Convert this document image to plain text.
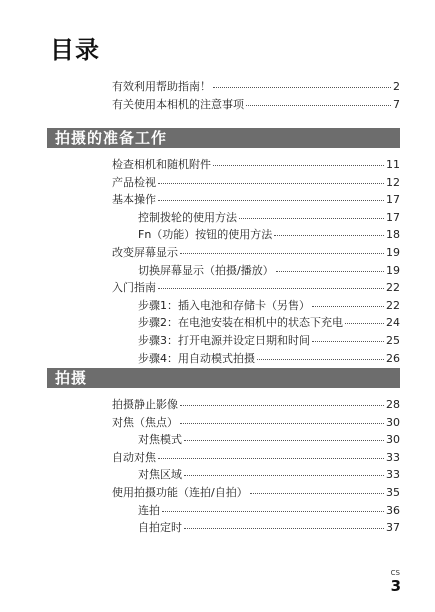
目录
有效利用帮助指南！	2
有关使用本相机的注意事项	7
拍摄的准备工作
检查相机和随机附件	11
产品检视	12
基本操作	17
控制拨轮的使用方法	17
Fn（功能）按钮的使用方法	18
改变屏幕显示	19
切换屏幕显示（拍摄/播放）	19
入门指南	22
步骤1：插入电池和存储卡（另售）	22
步骤2：在电池安装在相机中的状态下充电	24
步骤3：打开电源并设定日期和时间	25
步骤4：用自动模式拍摄	26
拍摄
拍摄静止影像	28
对焦（焦点）	30
对焦模式	30
自动对焦	33
对焦区域	33
使用拍摄功能（连拍/自拍）	35
连拍	36
自拍定时	37
CS
3
